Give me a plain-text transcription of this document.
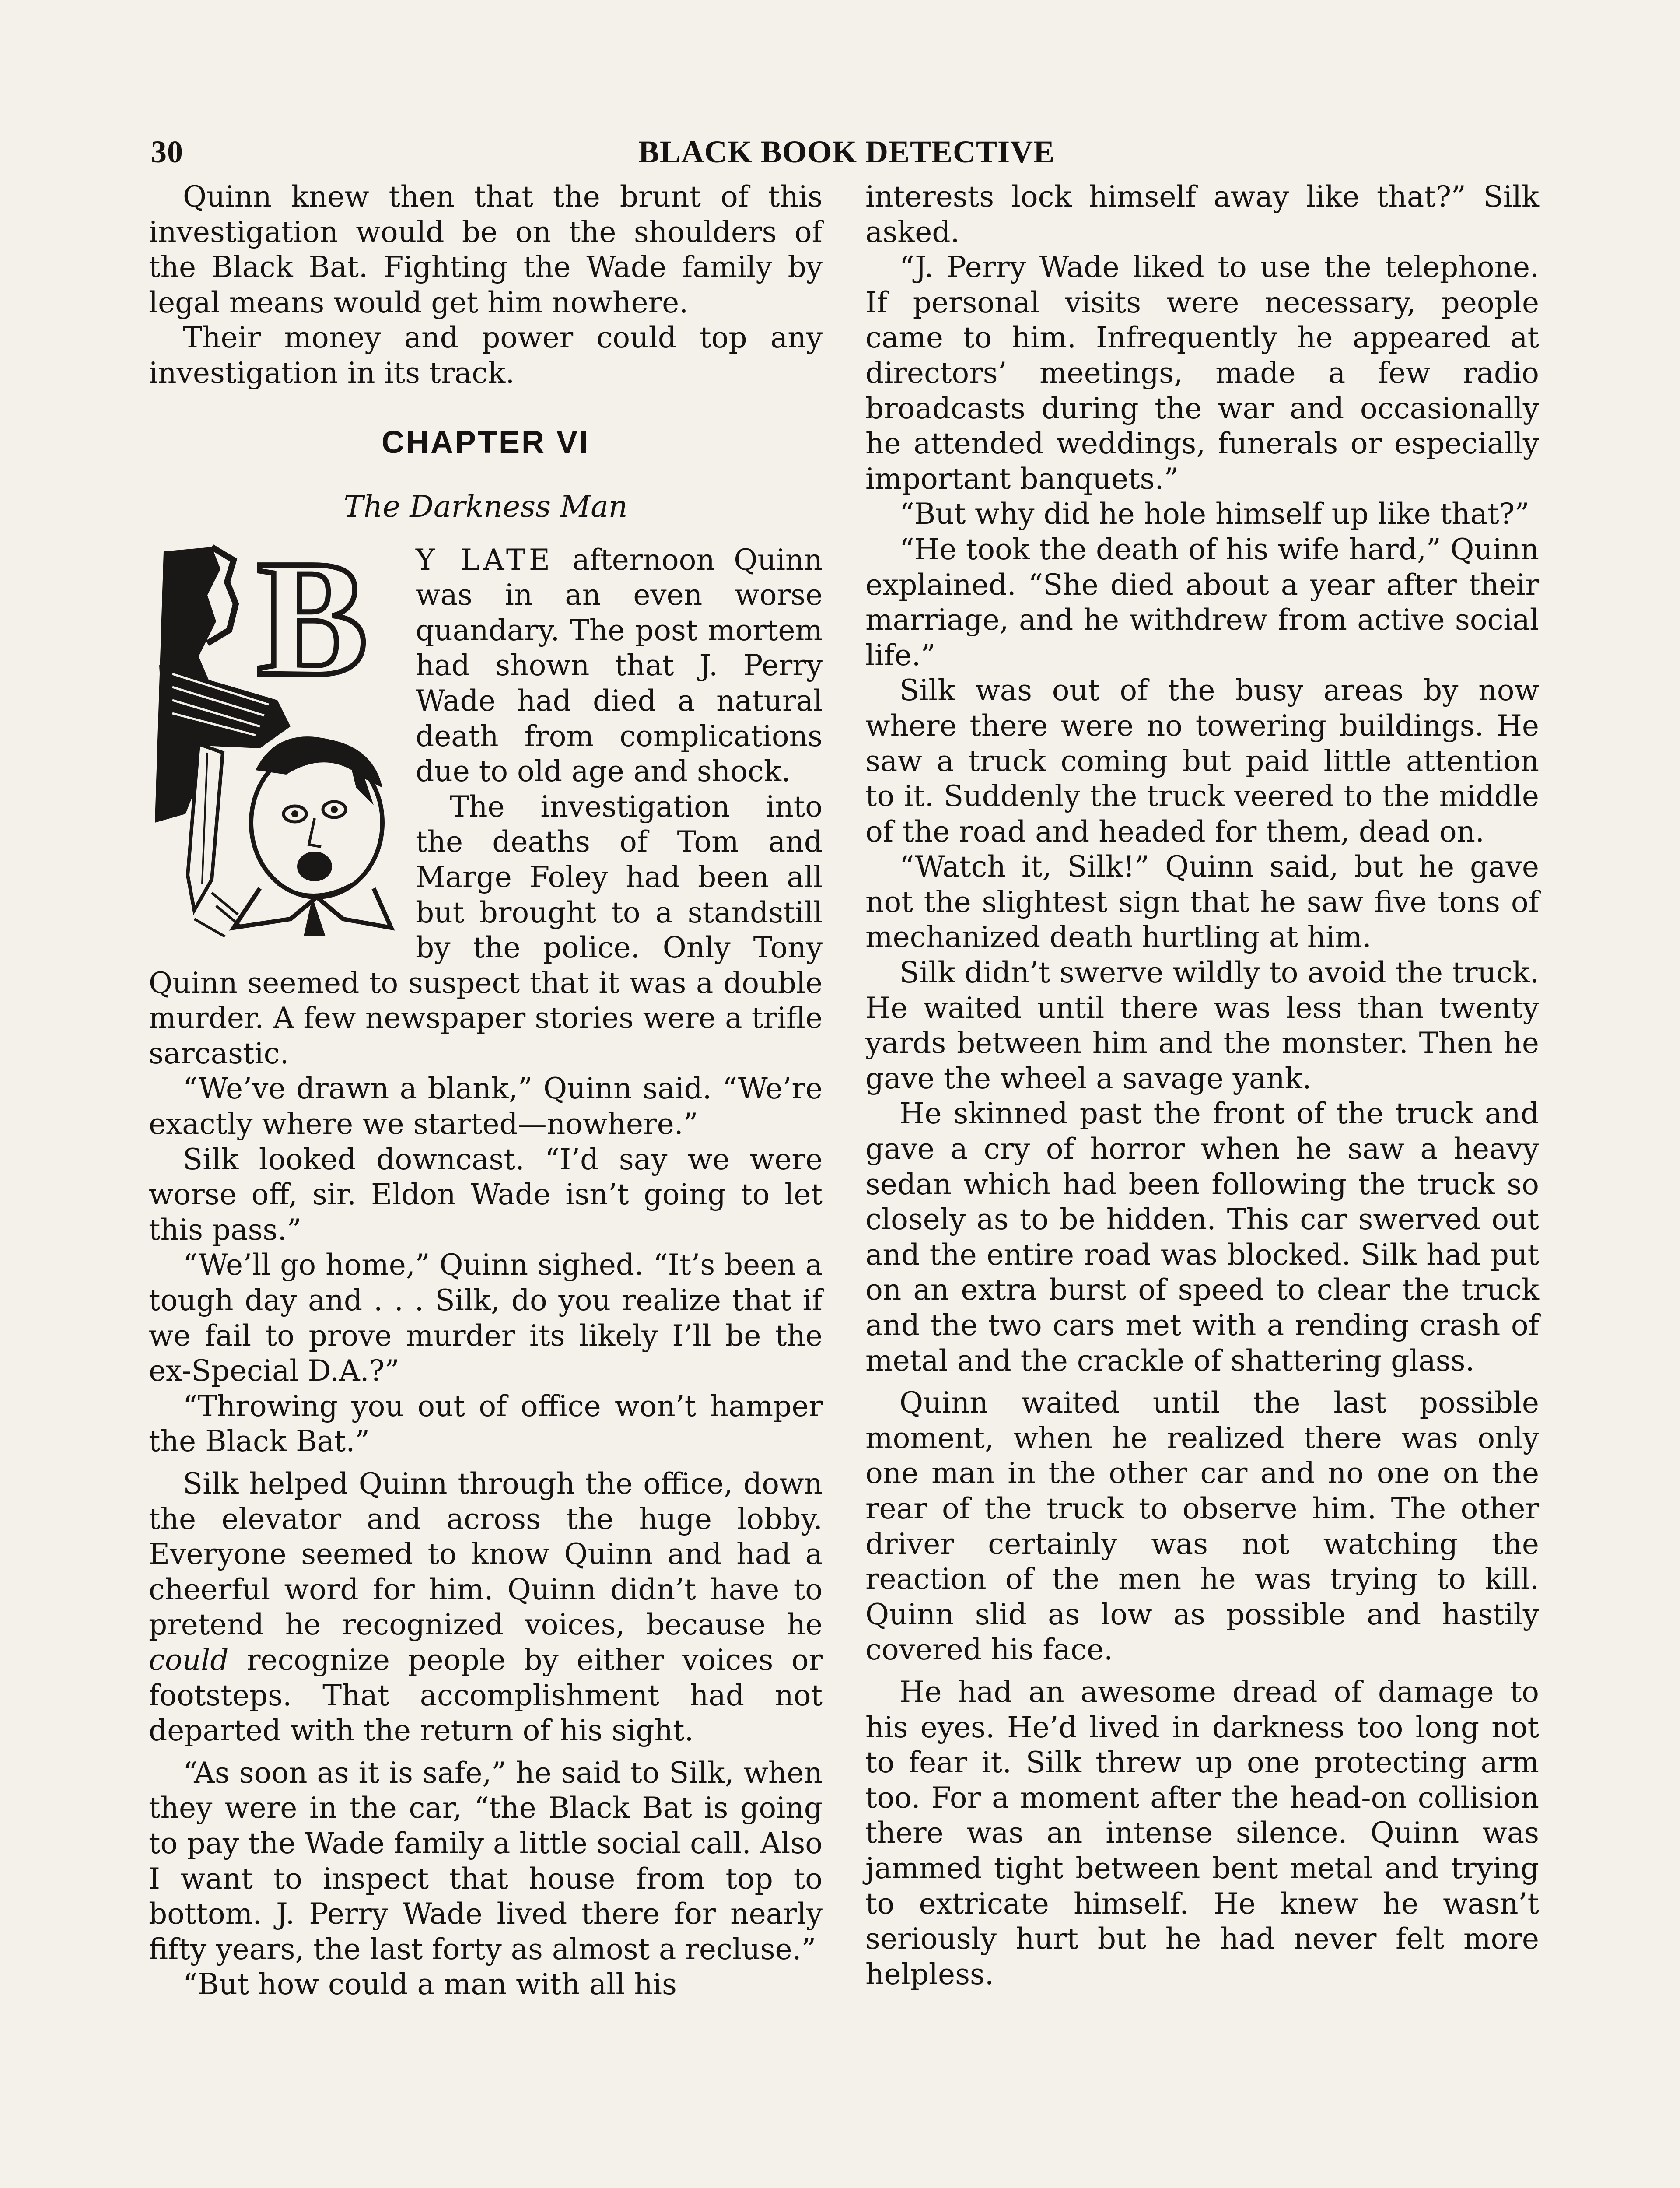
30	BLACK BOOK DETECTIVE

Quinn knew then that the brunt of this investigation would be on the shoulders of the Black Bat. Fighting the Wade family by legal means would get him nowhere.

Their money and power could top any investigation in its track.

CHAPTER VI
The Darkness Man
B	Y LATE afternoon Quinn was in an even worse quandary. The post mortem had shown that J. Perry Wade had died a natural death from complications due to old age and shock.

The investigation into the deaths of Tom and Marge Foley had been all but brought to a standstill by the police. Only Tony Quinn seemed to suspect that it was a double murder. A few newspaper stories were a trifle sarcastic.

“We’ve drawn a blank,” Quinn said. “We’re exactly where we started—nowhere.”

Silk looked downcast. “I’d say we were worse off, sir. Eldon Wade isn’t going to let this pass.”

“We’ll go home,” Quinn sighed. “It’s been a tough day and . . . Silk, do you realize that if we fail to prove murder its likely I’ll be the ex-Special D.A.?”

“Throwing you out of office won’t hamper the Black Bat.”

Silk helped Quinn through the office, down the elevator and across the huge lobby. Everyone seemed to know Quinn and had a cheerful word for him. Quinn didn’t have to pretend he recognized voices, because he could recognize people by either voices or footsteps. That accomplishment had not departed with the return of his sight.

“As soon as it is safe,” he said to Silk, when they were in the car, “the Black Bat is going to pay the Wade family a little social call. Also I want to inspect that house from top to bottom. J. Perry Wade lived there for nearly fifty years, the last forty as almost a recluse.”

“But how could a man with all his

interests lock himself away like that?” Silk asked.

“J. Perry Wade liked to use the telephone. If personal visits were necessary, people came to him. Infrequently he appeared at directors’ meetings, made a few radio broadcasts during the war and occasionally he attended weddings, funerals or especially important banquets.”

“But why did he hole himself up like that?”

“He took the death of his wife hard,” Quinn explained. “She died about a year after their marriage, and he withdrew from active social life.”

Silk was out of the busy areas by now where there were no towering buildings. He saw a truck coming but paid little attention to it. Suddenly the truck veered to the middle of the road and headed for them, dead on.

“Watch it, Silk!” Quinn said, but he gave not the slightest sign that he saw five tons of mechanized death hurtling at him.

Silk didn’t swerve wildly to avoid the truck. He waited until there was less than twenty yards between him and the monster. Then he gave the wheel a savage yank.

He skinned past the front of the truck and gave a cry of horror when he saw a heavy sedan which had been following the truck so closely as to be hidden. This car swerved out and the entire road was blocked. Silk had put on an extra burst of speed to clear the truck and the two cars met with a rending crash of metal and the crackle of shattering glass.

Quinn waited until the last possible moment, when he realized there was only one man in the other car and no one on the rear of the truck to observe him. The other driver certainly was not watching the reaction of the men he was trying to kill. Quinn slid as low as possible and hastily covered his face.

He had an awesome dread of damage to his eyes. He’d lived in darkness too long not to fear it. Silk threw up one protecting arm too. For a moment after the head-on collision there was an intense silence. Quinn was jammed tight between bent metal and trying to extricate himself. He knew he wasn’t seriously hurt but he had never felt more helpless.
